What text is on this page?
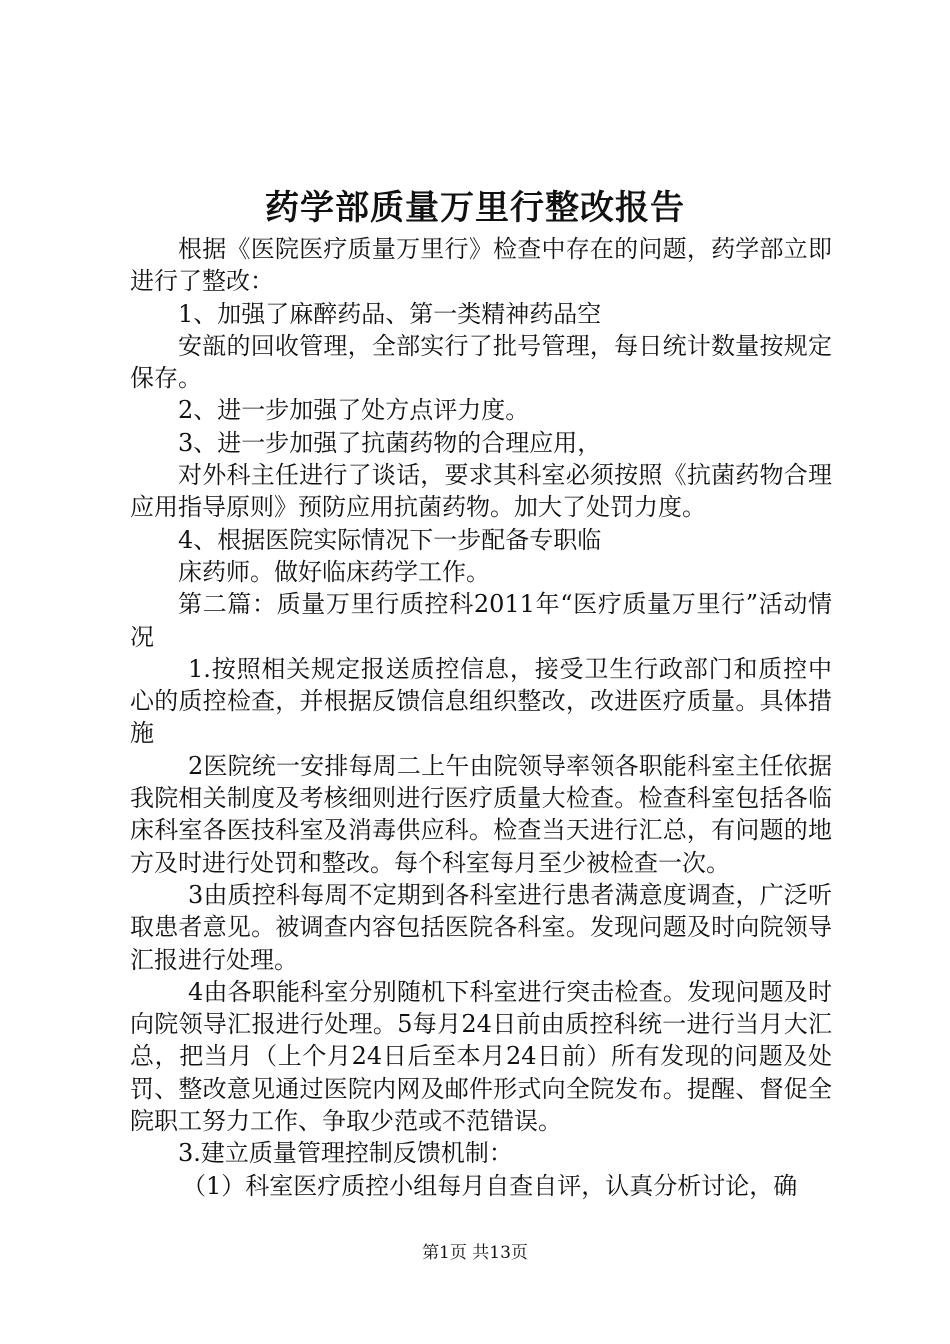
药学部质量万里行整改报告

根据《医院医疗质量万里行》检查中存在的问题，药学部立即进行了整改：

1、加强了麻醉药品、第一类精神药品空

安瓿的回收管理，全部实行了批号管理，每日统计数量按规定保存。

2、进一步加强了处方点评力度。

3、进一步加强了抗菌药物的合理应用，

对外科主任进行了谈话，要求其科室必须按照《抗菌药物合理应用指导原则》预防应用抗菌药物。加大了处罚力度。

4、根据医院实际情况下一步配备专职临

床药师。做好临床药学工作。

第二篇：质量万里行质控科2011年“医疗质量万里行”活动情况

1.按照相关规定报送质控信息，接受卫生行政部门和质控中心的质控检查，并根据反馈信息组织整改，改进医疗质量。具体措施

2医院统一安排每周二上午由院领导率领各职能科室主任依据我院相关制度及考核细则进行医疗质量大检查。检查科室包括各临床科室各医技科室及消毒供应科。检查当天进行汇总，有问题的地方及时进行处罚和整改。每个科室每月至少被检查一次。

3由质控科每周不定期到各科室进行患者满意度调查，广泛听取患者意见。被调查内容包括医院各科室。发现问题及时向院领导汇报进行处理。

4由各职能科室分别随机下科室进行突击检查。发现问题及时向院领导汇报进行处理。5每月24日前由质控科统一进行当月大汇总，把当月（上个月24日后至本月24日前）所有发现的问题及处罚、整改意见通过医院内网及邮件形式向全院发布。提醒、督促全院职工努力工作、争取少范或不范错误。

3.建立质量管理控制反馈机制：

（1）科室医疗质控小组每月自查自评，认真分析讨论，确

第1页 共13页
